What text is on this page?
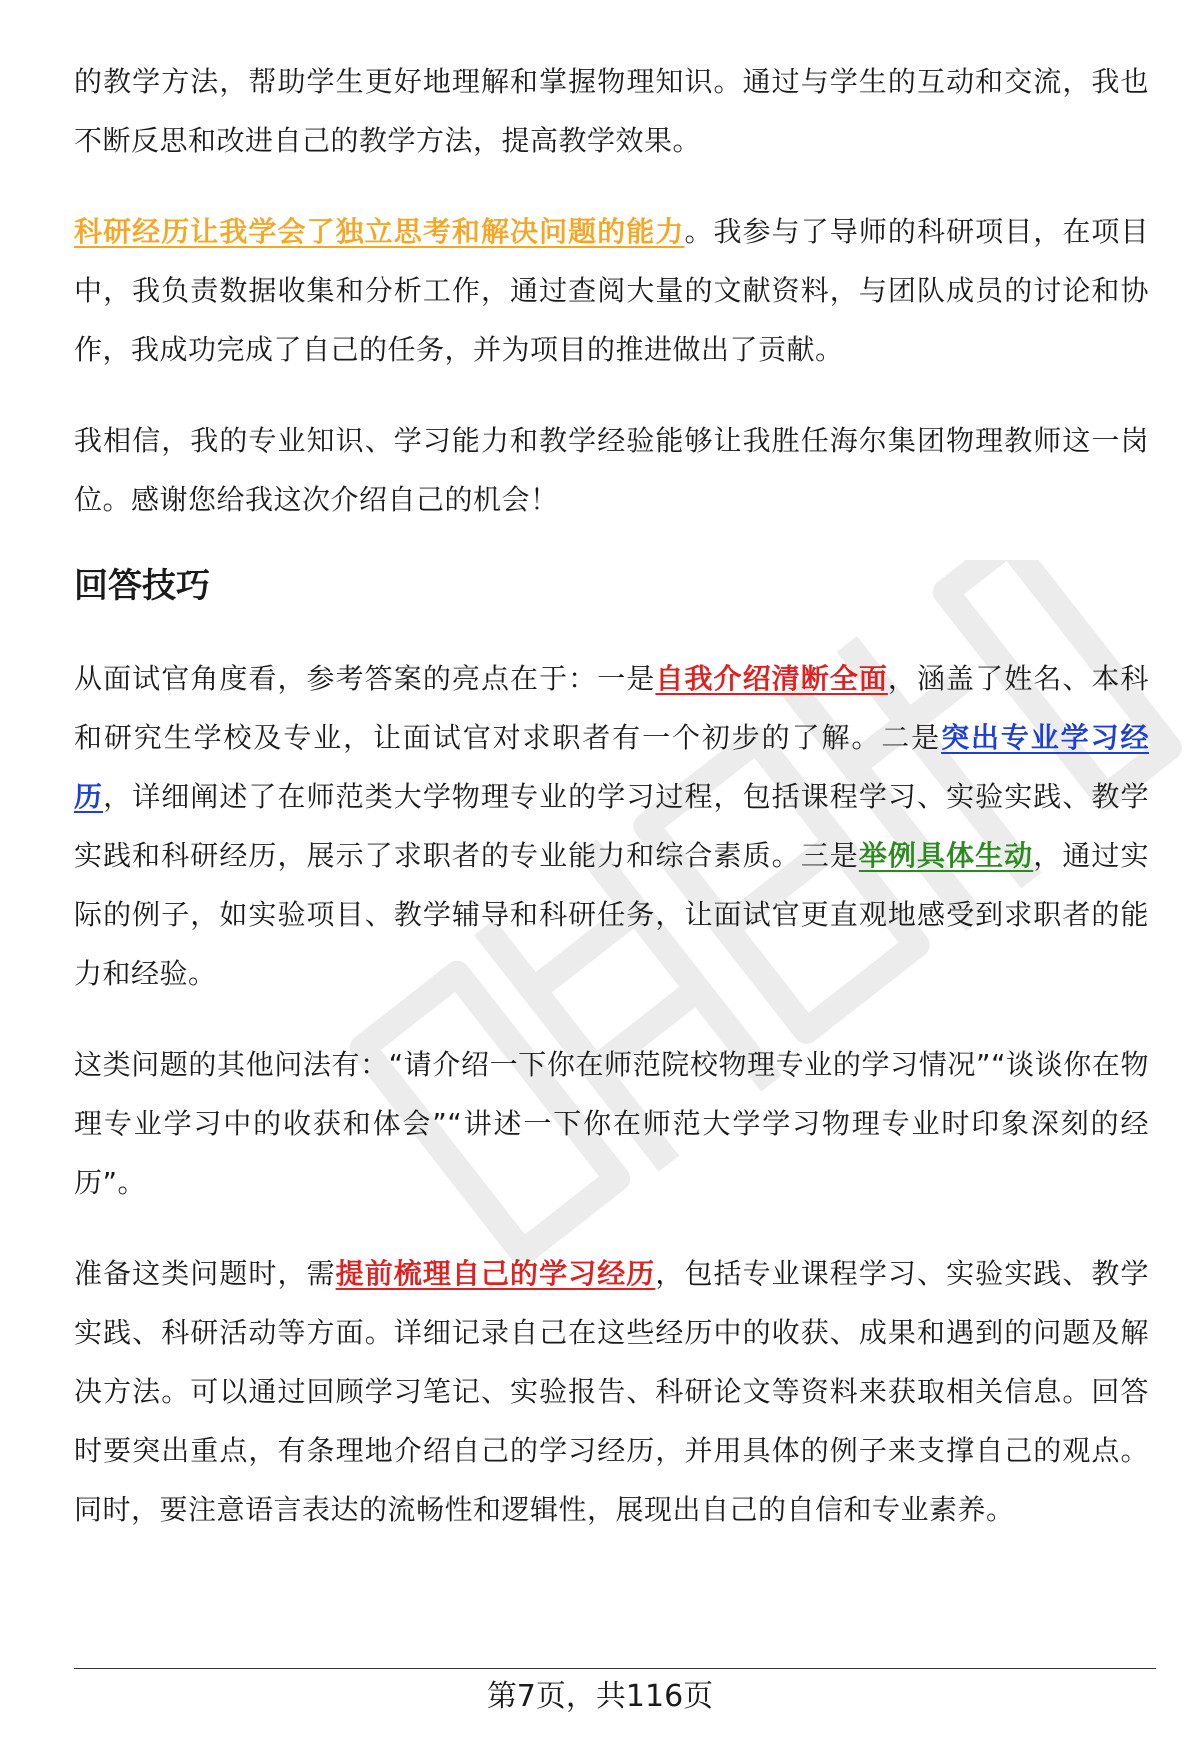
的教学方法，帮助学生更好地理解和掌握物理知识。通过与学生的互动和交流，我也不断反思和改进自己的教学方法，提高教学效果。

科研经历让我学会了独立思考和解决问题的能力。我参与了导师的科研项目，在项目中，我负责数据收集和分析工作，通过查阅大量的文献资料，与团队成员的讨论和协作，我成功完成了自己的任务，并为项目的推进做出了贡献。

我相信，我的专业知识、学习能力和教学经验能够让我胜任海尔集团物理教师这一岗位。感谢您给我这次介绍自己的机会！

回答技巧

从面试官角度看，参考答案的亮点在于：一是自我介绍清断全面，涵盖了姓名、本科和研究生学校及专业，让面试官对求职者有一个初步的了解。二是突出专业学习经历，详细阐述了在师范类大学物理专业的学习过程，包括课程学习、实验实践、教学实践和科研经历，展示了求职者的专业能力和综合素质。三是举例具体生动，通过实际的例子，如实验项目、教学辅导和科研任务，让面试官更直观地感受到求职者的能力和经验。

这类问题的其他问法有：“请介绍一下你在师范院校物理专业的学习情况”“谈谈你在物理专业学习中的收获和体会”“讲述一下你在师范大学学习物理专业时印象深刻的经历”。

准备这类问题时，需提前梳理自己的学习经历，包括专业课程学习、实验实践、教学实践、科研活动等方面。详细记录自己在这些经历中的收获、成果和遇到的问题及解决方法。可以通过回顾学习笔记、实验报告、科研论文等资料来获取相关信息。回答时要突出重点，有条理地介绍自己的学习经历，并用具体的例子来支撑自己的观点。同时，要注意语言表达的流畅性和逻辑性，展现出自己的自信和专业素养。

第7页，共116页
